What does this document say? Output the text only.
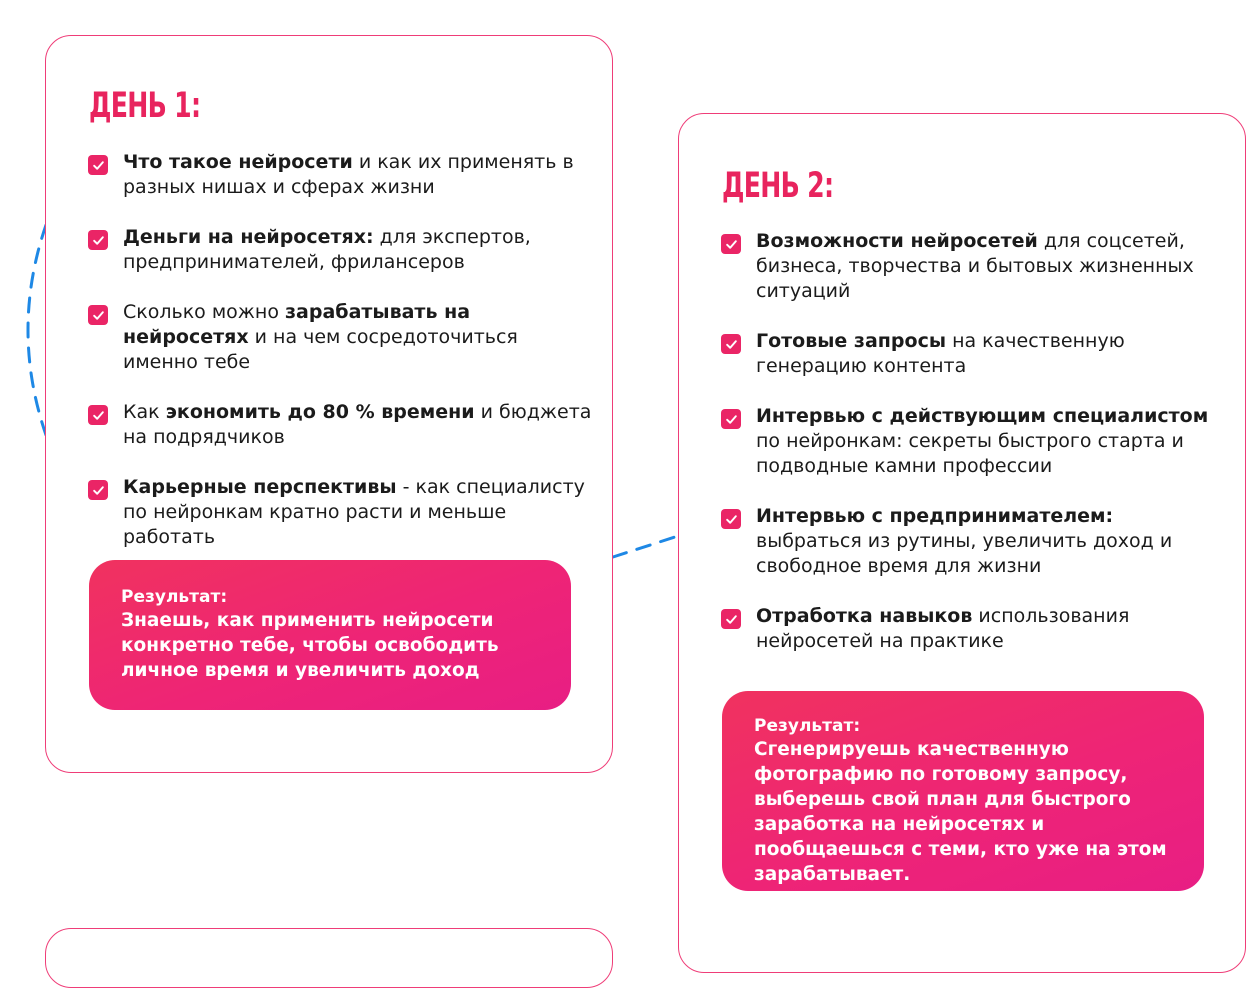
ДЕНЬ 1:
Что такое нейросети и как их применять в разных нишах и сферах жизни
Деньги на нейросетях: для экспертов, предпринимателей, фрилансеров
Сколько можно зарабатывать на нейросетях и на чем сосредоточиться именно тебе
Как экономить до 80 % времени и бюджета на подрядчиков
Карьерные перспективы - как специалисту по нейронкам кратно расти и меньше работать
Результат:
Знаешь, как применить нейросети конкретно тебе, чтобы освободить личное время и увеличить доход
ДЕНЬ 2:
Возможности нейросетей для соцсетей, бизнеса, творчества и бытовых жизненных ситуаций
Готовые запросы на качественную генерацию контента
Интервью с действующим специалистом по нейронкам: секреты быстрого старта и подводные камни профессии
Интервью с предпринимателем: выбраться из рутины, увеличить доход и свободное время для жизни
Отработка навыков использования нейросетей на практике
Результат:
Сгенерируешь качественную фотографию по готовому запросу, выберешь свой план для быстрого заработка на нейросетях и пообщаешься с теми, кто уже на этом зарабатывает.
